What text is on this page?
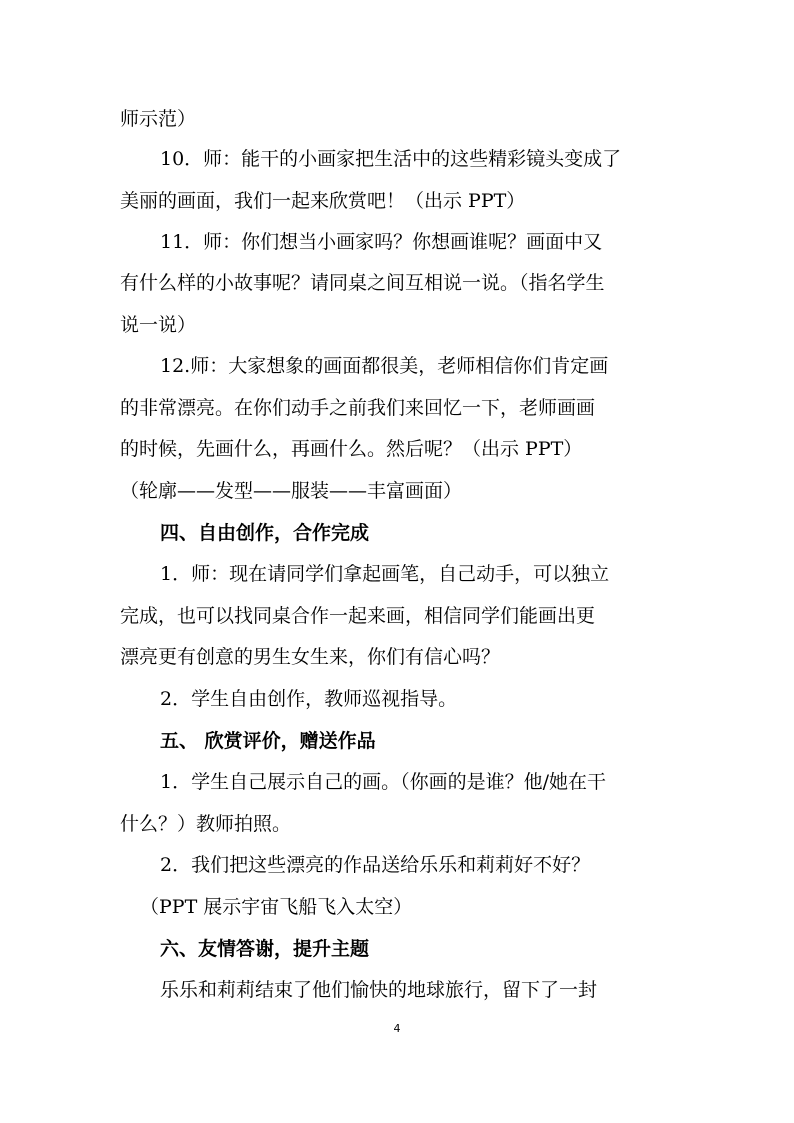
师示范）
10．师：能干的小画家把生活中的这些精彩镜头变成了
美丽的画面，我们一起来欣赏吧！（出示 PPT）
11．师：你们想当小画家吗？你想画谁呢？画面中又
有什么样的小故事呢？请同桌之间互相说一说。（指名学生
说一说）
12.师：大家想象的画面都很美，老师相信你们肯定画
的非常漂亮。在你们动手之前我们来回忆一下，老师画画
的时候，先画什么，再画什么。然后呢？（出示 PPT）
（轮廓——发型——服装——丰富画面）
四、自由创作，合作完成
1．师：现在请同学们拿起画笔，自己动手，可以独立
完成，也可以找同桌合作一起来画，相信同学们能画出更
漂亮更有创意的男生女生来，你们有信心吗？
2．学生自由创作，教师巡视指导。
五、 欣赏评价，赠送作品
1．学生自己展示自己的画。（你画的是谁？他/她在干
什么？）教师拍照。
2．我们把这些漂亮的作品送给乐乐和莉莉好不好？
（PPT 展示宇宙飞船飞入太空）
六、友情答谢，提升主题
乐乐和莉莉结束了他们愉快的地球旅行，留下了一封
4
